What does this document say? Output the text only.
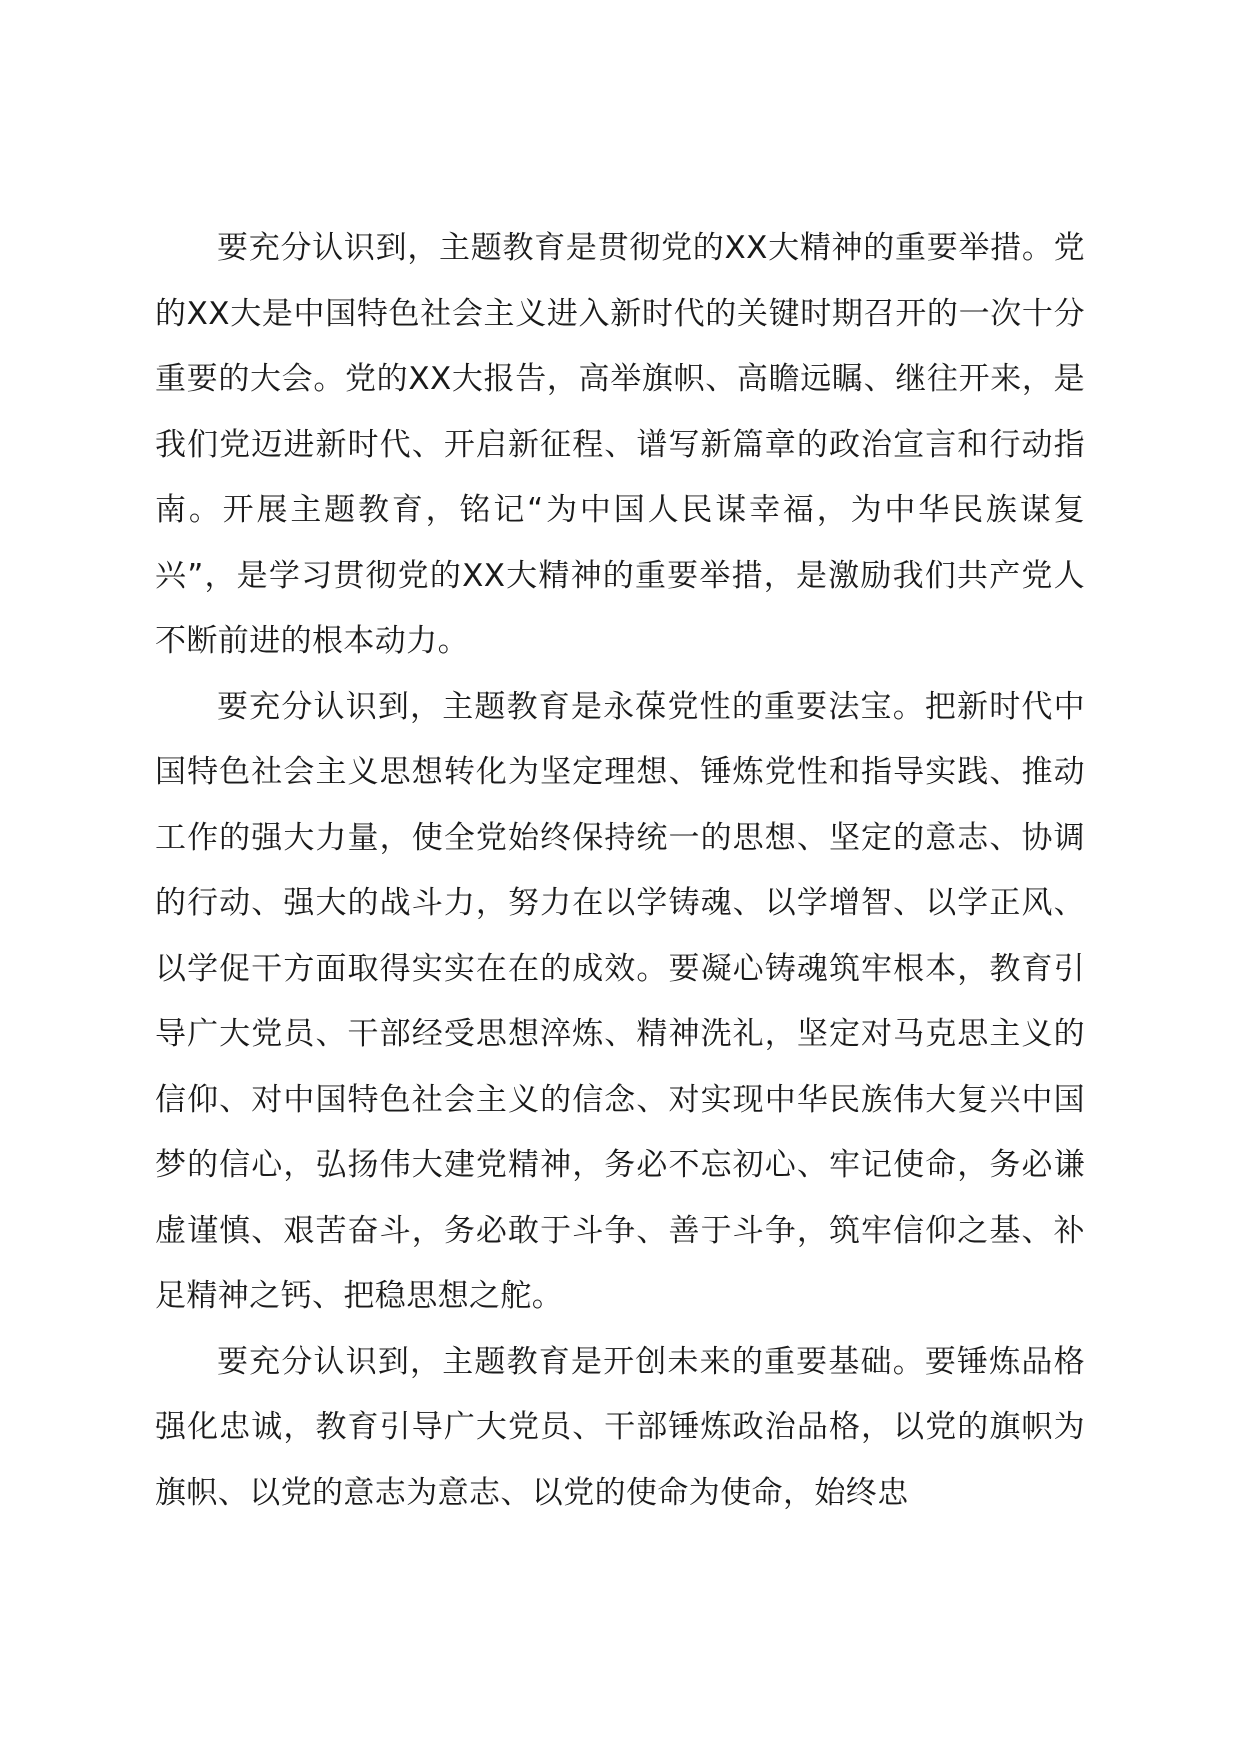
要充分认识到，主题教育是贯彻党的XX大精神的重要举措。党的XX大是中国特色社会主义进入新时代的关键时期召开的一次十分重要的大会。党的XX大报告，高举旗帜、高瞻远瞩、继往开来，是我们党迈进新时代、开启新征程、谱写新篇章的政治宣言和行动指南。开展主题教育，铭记“为中国人民谋幸福，为中华民族谋复兴”，是学习贯彻党的XX大精神的重要举措，是激励我们共产党人不断前进的根本动力。

要充分认识到，主题教育是永葆党性的重要法宝。把新时代中国特色社会主义思想转化为坚定理想、锤炼党性和指导实践、推动工作的强大力量，使全党始终保持统一的思想、坚定的意志、协调的行动、强大的战斗力，努力在以学铸魂、以学增智、以学正风、以学促干方面取得实实在在的成效。要凝心铸魂筑牢根本，教育引导广大党员、干部经受思想淬炼、精神洗礼，坚定对马克思主义的信仰、对中国特色社会主义的信念、对实现中华民族伟大复兴中国梦的信心，弘扬伟大建党精神，务必不忘初心、牢记使命，务必谦虚谨慎、艰苦奋斗，务必敢于斗争、善于斗争，筑牢信仰之基、补足精神之钙、把稳思想之舵。

要充分认识到，主题教育是开创未来的重要基础。要锤炼品格强化忠诚，教育引导广大党员、干部锤炼政治品格，以党的旗帜为旗帜、以党的意志为意志、以党的使命为使命，始终忠
